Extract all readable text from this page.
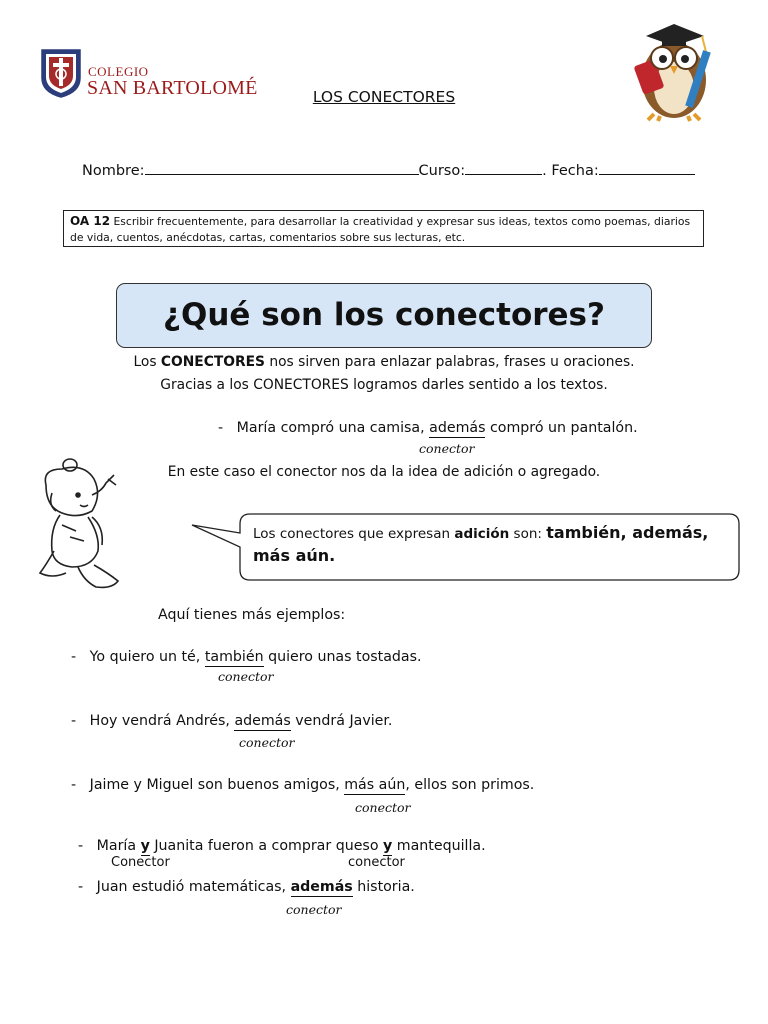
COLEGIO
SAN BARTOLOMÉ	LOS CONECTORES
Nombre:	Curso:	. Fecha:
OA 12 Escribir frecuentemente, para desarrollar la creatividad y expresar sus ideas, textos como poemas, diarios de vida, cuentos, anécdotas, cartas, comentarios sobre sus lecturas, etc.
¿Qué son los conectores?
Los CONECTORES nos sirven para enlazar palabras, frases u oraciones.
Gracias a los CONECTORES logramos darles sentido a los textos.
- María compró una camisa, además compró un pantalón.
conector
En este caso el conector nos da la idea de adición o agregado.
Los conectores que expresan adición son: también, además,
más aún.
Aquí tienes más ejemplos:
- Yo quiero un té, también quiero unas tostadas.
conector
- Hoy vendrá Andrés, además vendrá Javier.
conector
- Jaime y Miguel son buenos amigos, más aún, ellos son primos.
conector
- María y Juanita fueron a comprar queso y mantequilla.
Conector	conector
- Juan estudió matemáticas, además historia.
conector
